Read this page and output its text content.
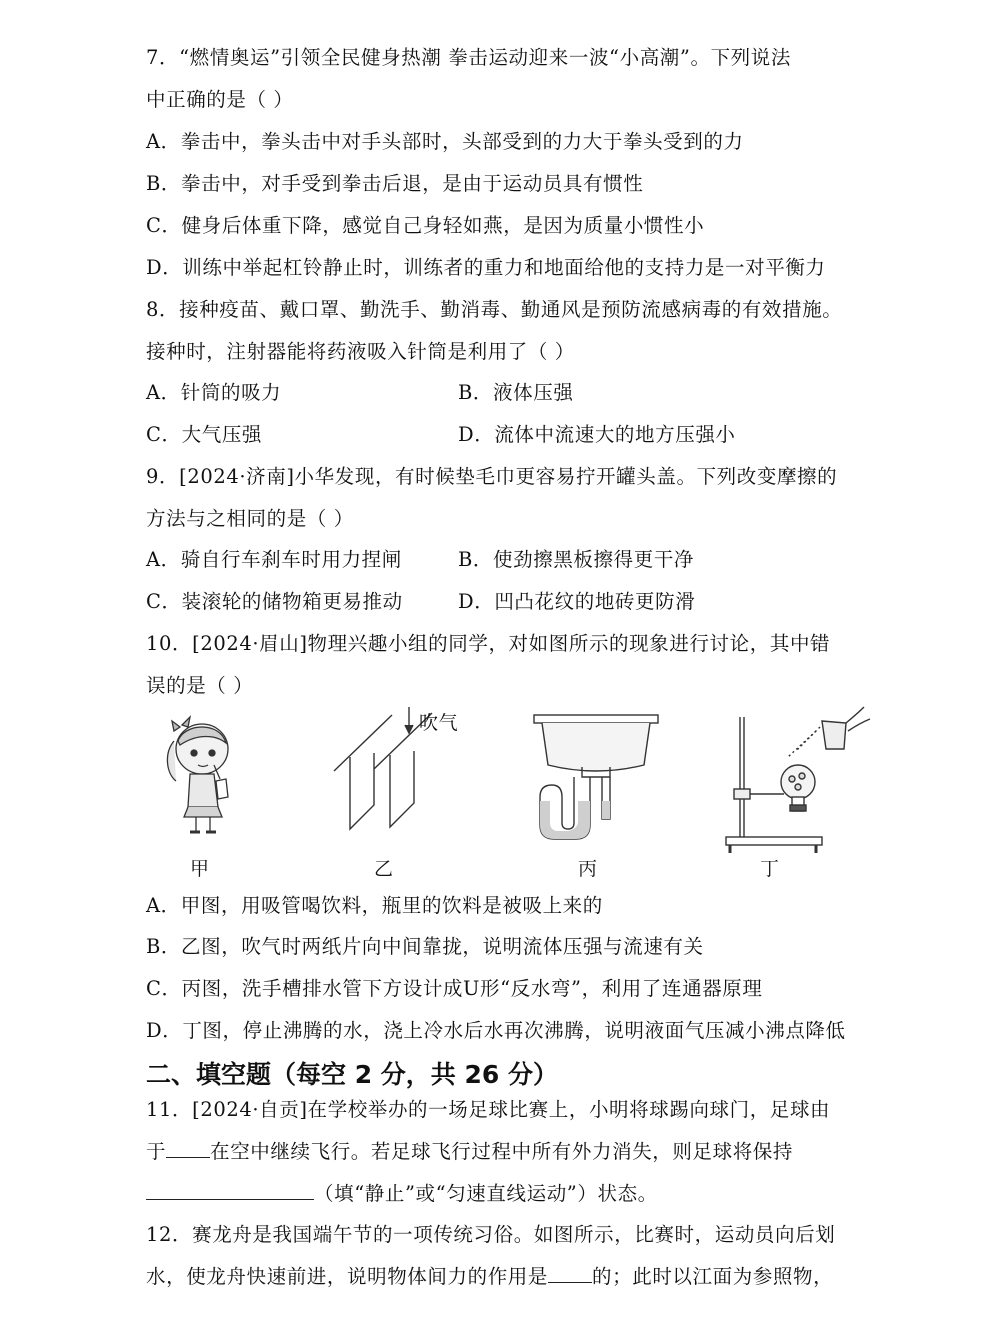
7．“燃情奥运”引领全民健身热潮 拳击运动迎来一波“小高潮”。下列说法
中正确的是（ ）
A．拳击中，拳头击中对手头部时，头部受到的力大于拳头受到的力
B．拳击中，对手受到拳击后退，是由于运动员具有惯性
C．健身后体重下降，感觉自己身轻如燕，是因为质量小惯性小
D．训练中举起杠铃静止时，训练者的重力和地面给他的支持力是一对平衡力
8．接种疫苗、戴口罩、勤洗手、勤消毒、勤通风是预防流感病毒的有效措施。
接种时，注射器能将药液吸入针筒是利用了（ ）
A．针筒的吸力	B．液体压强
C．大气压强	D．流体中流速大的地方压强小
9．[2024·济南]小华发现，有时候垫毛巾更容易拧开罐头盖。下列改变摩擦的
方法与之相同的是（ ）
A．骑自行车刹车时用力捏闸	B．使劲擦黑板擦得更干净
C．装滚轮的储物箱更易推动	D．凹凸花纹的地砖更防滑
10．[2024·眉山]物理兴趣小组的同学，对如图所示的现象进行讨论，其中错
误的是（ ）
甲
吹气
乙	丙	丁
A．甲图，用吸管喝饮料，瓶里的饮料是被吸上来的
B．乙图，吹气时两纸片向中间靠拢，说明流体压强与流速有关
C．丙图，洗手槽排水管下方设计成U形“反水弯”，利用了连通器原理
D．丁图，停止沸腾的水，浇上冷水后水再次沸腾，说明液面气压减小沸点降低
二、填空题（每空 2 分，共 26 分）
11．[2024·自贡]在学校举办的一场足球比赛上，小明将球踢向球门，足球由
于 在空中继续飞行。若足球飞行过程中所有外力消失，则足球将保持
（填“静止”或“匀速直线运动”）状态。
12．赛龙舟是我国端午节的一项传统习俗。如图所示，比赛时，运动员向后划
水，使龙舟快速前进，说明物体间力的作用是 的；此时以江面为参照物，
